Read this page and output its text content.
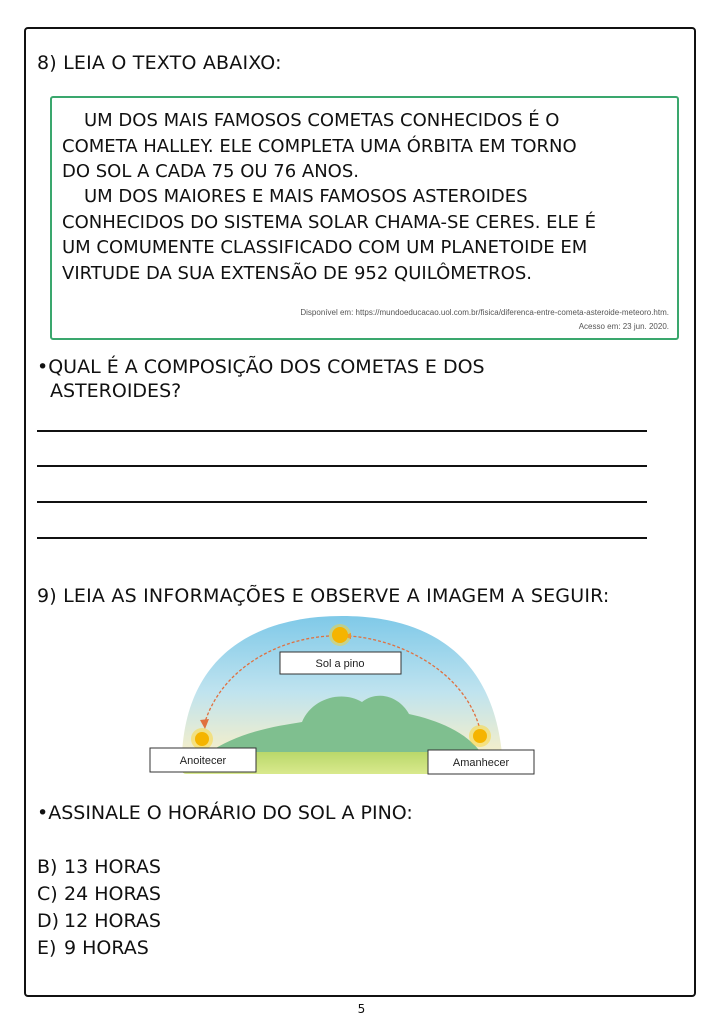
8) LEIA O TEXTO ABAIXO:
UM DOS MAIS FAMOSOS COMETAS CONHECIDOS É O
COMETA HALLEY. ELE COMPLETA UMA ÓRBITA EM TORNO
DO SOL A CADA 75 OU 76 ANOS.
UM DOS MAIORES E MAIS FAMOSOS ASTEROIDES
CONHECIDOS DO SISTEMA SOLAR CHAMA-SE CERES. ELE É
UM COMUMENTE CLASSIFICADO COM UM PLANETOIDE EM
VIRTUDE DA SUA EXTENSÃO DE 952 QUILÔMETROS.
Disponível em: https://mundoeducacao.uol.com.br/fisica/diferenca-entre-cometa-asteroide-meteoro.htm.
Acesso em: 23 jun. 2020.
•QUAL É A COMPOSIÇÃO DOS COMETAS E DOS
ASTEROIDES?
9) LEIA AS INFORMAÇÕES E OBSERVE A IMAGEM A SEGUIR:
Sol a pino
Anoitecer	Amanhecer
•ASSINALE O HORÁRIO DO SOL A PINO:
B) 13 HORAS
C) 24 HORAS
D) 12 HORAS
E) 9 HORAS
5
